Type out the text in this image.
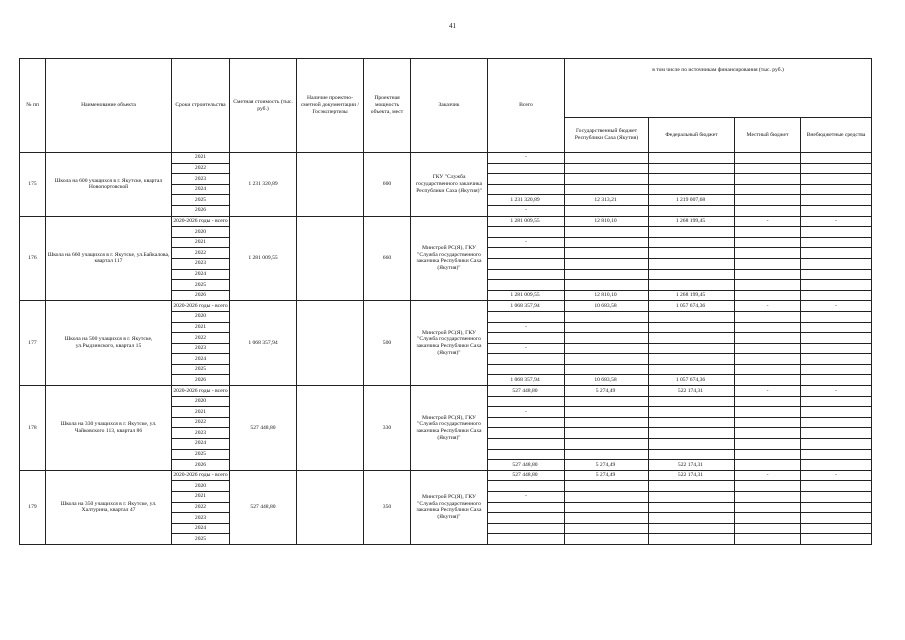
41
№ пп	Наименование объекта	Сроки строительства	Сметная стоимость (тыс. руб.)	Наличие проектно-сметной документации /Госэкспертизы	Проектная мощность объекта, мест	Заказчик	Всего	в том числе по источникам финансирования (тыс. руб.)			
								Государственный бюджет Республики Саха (Якутия)	Федеральный бюджет	Местный бюджет	Внебюджетные средства
175	Школа на 600 учащихся в г. Якутске, квартал Новопортовской	2021	1 231 320,89		600	ГКУ "Служба государственного заказчика Республики Саха (Якутия)"	-				
		2022									
		2023									
		2024									
		2025					1 231 320,89	12 313,21	1 219 007,68		
		2026					-				
176	Школа на 660 учащихся в г. Якутске, ул.Байкалова, квартал 117	2020-2026 годы - всего	1 281 009,55		660	Минстрой РС(Я), ГКУ "Служба государственного заказчика Республики Саха (Якутия)"	1 281 009,55	12 810,10	1 268 199,45	-	-
		2020									
		2021					-				
		2022									
		2023									
		2024									
		2025									
		2026					1 281 009,55	12 810,10	1 268 199,45		
177	Школа на 500 учащихся в г. Якутске, ул.Рыдзинского, квартал 15	2020-2026 годы - всего	1 068 357,94		500	Минстрой РС(Я), ГКУ "Служба государственного заказчика Республики Саха (Якутия)"	1 068 357,94	10 683,58	1 057 674,36	-	-
		2020									
		2021					-				
		2022									
		2023					-				
		2024									
		2025									
		2026					1 068 357,94	10 683,58	1 057 674,36		
178	Школа на 330 учащихся в г. Якутске, ул. Чайковского 113, квартал 86	2020-2026 годы - всего	527 448,80		330	Минстрой РС(Я), ГКУ "Служба государственного заказчика Республики Саха (Якутия)"	527 448,80	5 274,49	522 174,31	-	-
		2020									
		2021					-				
		2022									
		2023									
		2024									
		2025									
		2026					527 448,80	5 274,49	522 174,31		
179	Школа на 350 учащихся в г. Якутске, ул. Халтурина, квартал 47	2020-2026 годы - всего	527 448,80		350	Минстрой РС(Я), ГКУ "Служба государственного заказчика Республики Саха (Якутия)"	527 448,80	5 274,49	522 174,31	-	-
		2020									
		2021					-				
		2022									
		2023									
		2024									
		2025									
